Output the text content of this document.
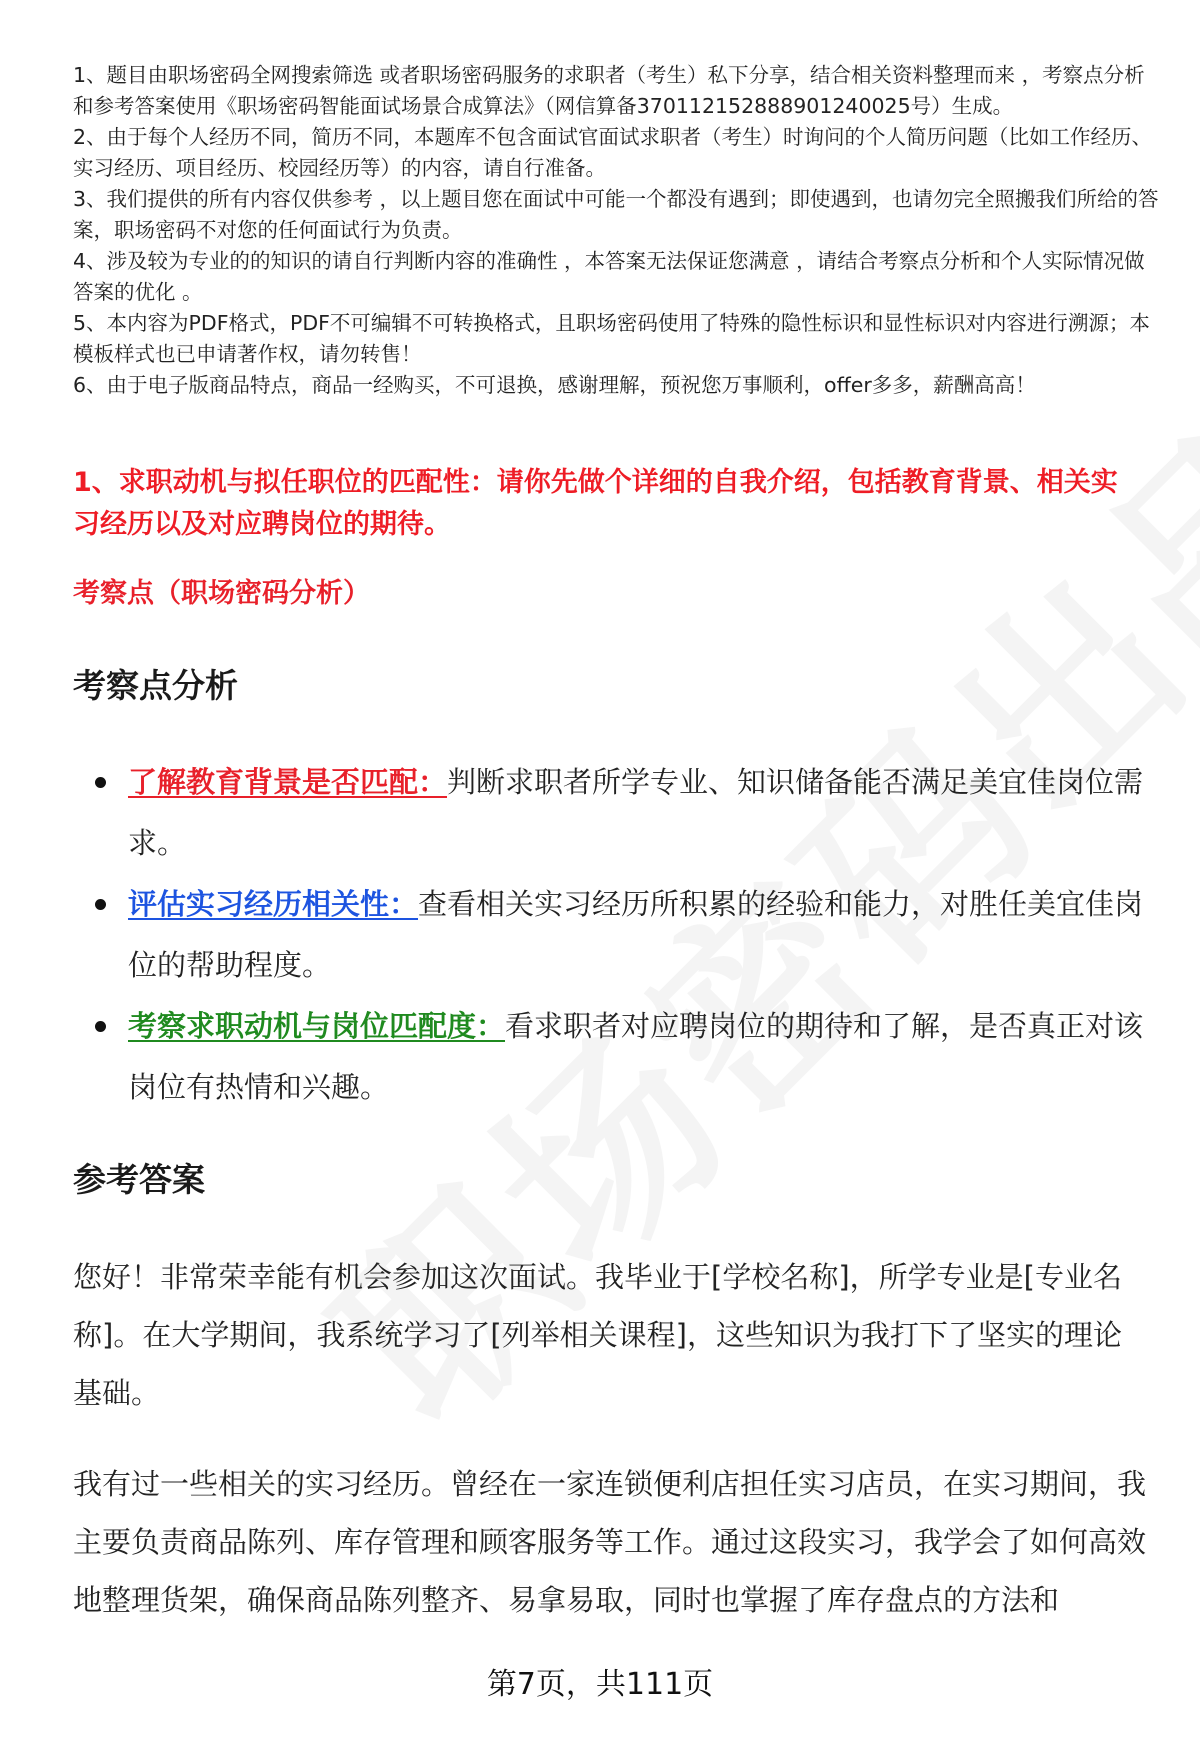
1、题目由职场密码全网搜索筛选 或者职场密码服务的求职者（考生）私下分享，结合相关资料整理而来 ，考察点分析和参考答案使用《职场密码智能面试场景合成算法》（网信算备370112152888901240025号）生成。

2、由于每个人经历不同，简历不同，本题库不包含面试官面试求职者（考生）时询问的个人简历问题（比如工作经历、实习经历、项目经历、校园经历等）的内容，请自行准备。

3、我们提供的所有内容仅供参考 ，以上题目您在面试中可能一个都没有遇到；即使遇到，也请勿完全照搬我们所给的答案，职场密码不对您的任何面试行为负责。

4、涉及较为专业的的知识的请自行判断内容的准确性 ，本答案无法保证您满意 ，请结合考察点分析和个人实际情况做答案的优化 。

5、本内容为PDF格式，PDF不可编辑不可转换格式，且职场密码使用了特殊的隐性标识和显性标识对内容进行溯源；本模板样式也已申请著作权，请勿转售！

6、由于电子版商品特点，商品一经购买，不可退换，感谢理解，预祝您万事顺利，offer多多，薪酬高高！

1、求职动机与拟任职位的匹配性：请你先做个详细的自我介绍，包括教育背景、相关实习经历以及对应聘岗位的期待。
考察点（职场密码分析）
考察点分析
了解教育背景是否匹配：判断求职者所学专业、知识储备能否满足美宜佳岗位需求。
评估实习经历相关性：查看相关实习经历所积累的经验和能力，对胜任美宜佳岗位的帮助程度。
考察求职动机与岗位匹配度：看求职者对应聘岗位的期待和了解，是否真正对该岗位有热情和兴趣。
参考答案

您好！非常荣幸能有机会参加这次面试。我毕业于[学校名称]，所学专业是[专业名称]。在大学期间，我系统学习了[列举相关课程]，这些知识为我打下了坚实的理论基础。

我有过一些相关的实习经历。曾经在一家连锁便利店担任实习店员，在实习期间，我主要负责商品陈列、库存管理和顾客服务等工作。通过这段实习，我学会了如何高效地整理货架，确保商品陈列整齐、易拿易取，同时也掌握了库存盘点的方法和

第7页，共111页
